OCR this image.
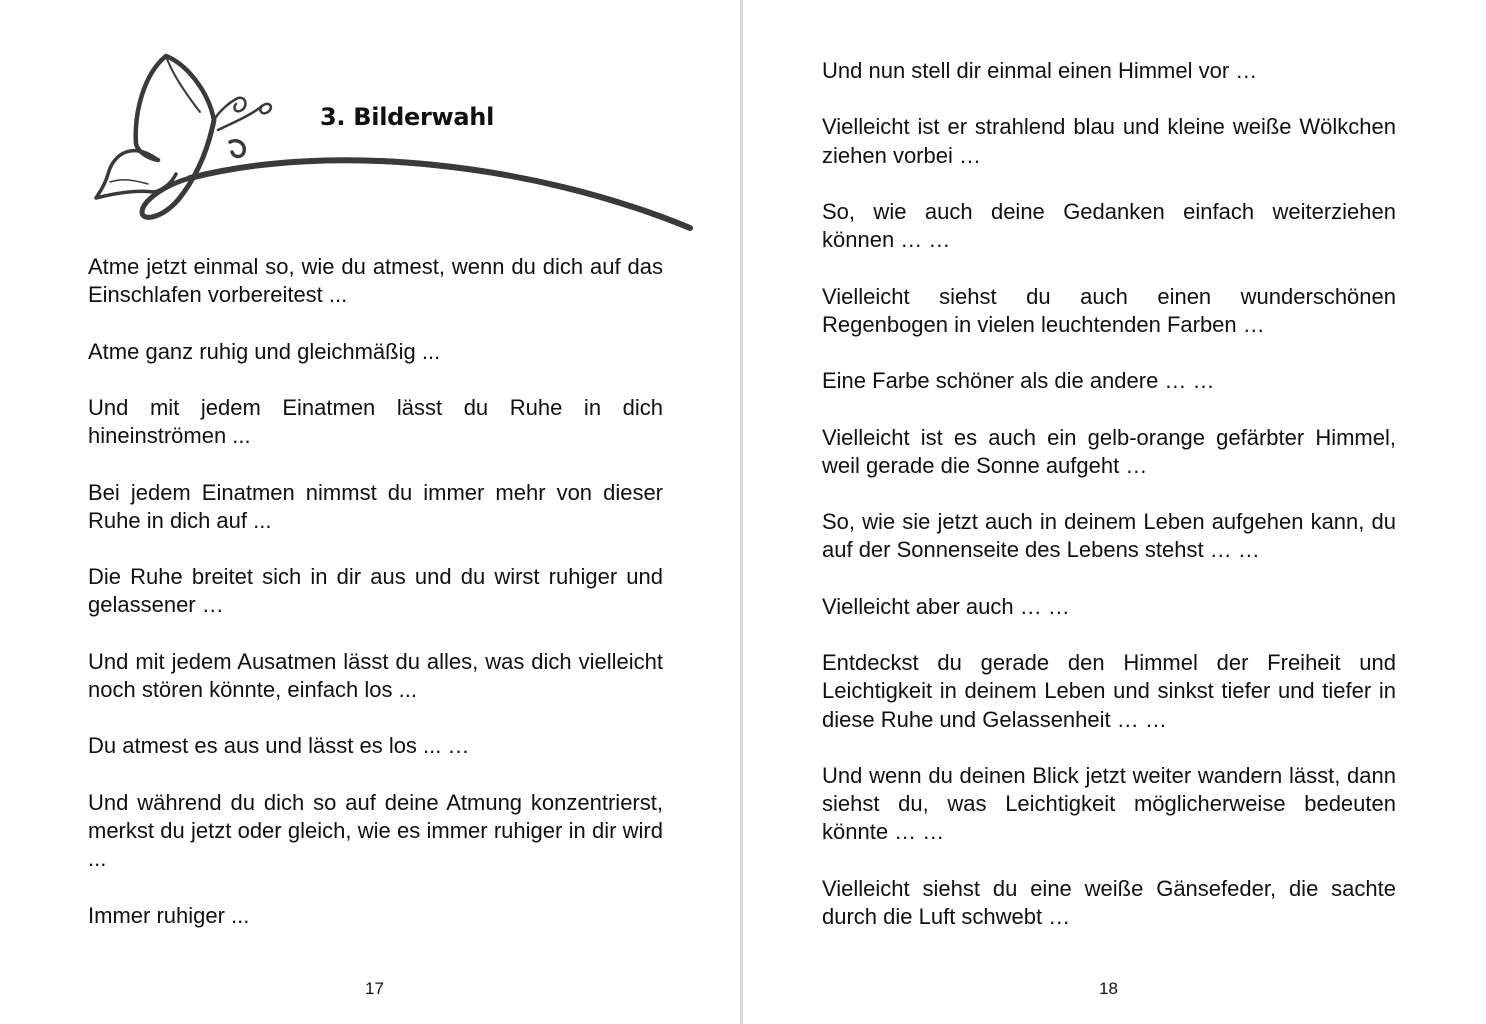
3. Bilderwahl

Atme jetzt einmal so, wie du atmest, wenn du dich auf das Einschlafen vorbereitest ...

Atme ganz ruhig und gleichmäßig ...

Und mit jedem Einatmen lässt du Ruhe in dich hineinströmen ...

Bei jedem Einatmen nimmst du immer mehr von dieser Ruhe in dich auf ...

Die Ruhe breitet sich in dir aus und du wirst ruhiger und gelassener …

Und mit jedem Ausatmen lässt du alles, was dich vielleicht noch stören könnte, einfach los ...

Du atmest es aus und lässt es los ... …

Und während du dich so auf deine Atmung konzentrierst, merkst du jetzt oder gleich, wie es immer ruhiger in dir wird ...

Immer ruhiger ...

17

Und nun stell dir einmal einen Himmel vor …

Vielleicht ist er strahlend blau und kleine weiße Wölkchen ziehen vorbei …

So, wie auch deine Gedanken einfach weiterziehen können … …

Vielleicht siehst du auch einen wunderschönen Regenbogen in vielen leuchtenden Farben …

Eine Farbe schöner als die andere … …

Vielleicht ist es auch ein gelb-orange gefärbter Himmel, weil gerade die Sonne aufgeht …

So, wie sie jetzt auch in deinem Leben aufgehen kann, du auf der Sonnenseite des Lebens stehst … …

Vielleicht aber auch … …

Entdeckst du gerade den Himmel der Freiheit und Leichtigkeit in deinem Leben und sinkst tiefer und tiefer in diese Ruhe und Gelassenheit … …

Und wenn du deinen Blick jetzt weiter wandern lässt, dann siehst du, was Leichtigkeit möglicherweise bedeuten könnte … …

Vielleicht siehst du eine weiße Gänsefeder, die sachte durch die Luft schwebt …

18
